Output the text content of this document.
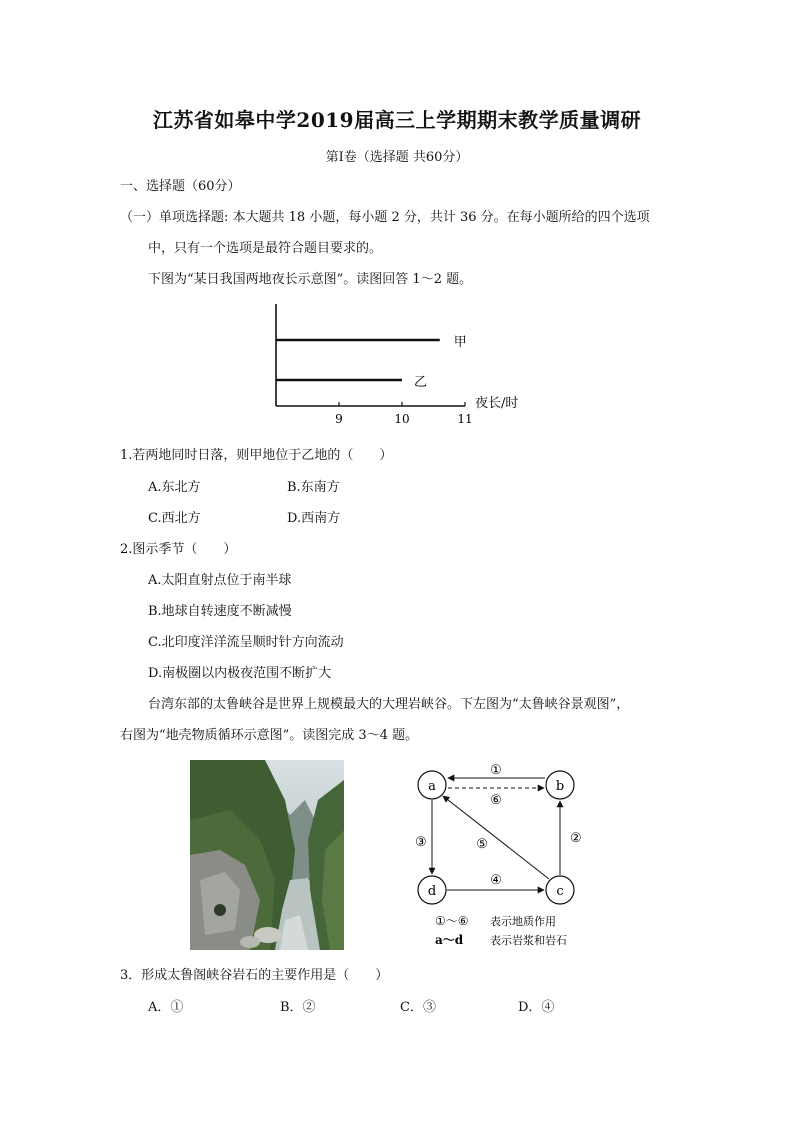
江苏省如皋中学2019届高三上学期期末教学质量调研
第I卷（选择题 共60分）
一、选择题（60分）
（一）单项选择题: 本大题共 18 小题，每小题 2 分，共计 36 分。在每小题所给的四个选项
中，只有一个选项是最符合题目要求的。
下图为“某日我国两地夜长示意图”。读图回答 1～2 题。
夜长/时
甲
乙
9	10	11
1.若两地同时日落，则甲地位于乙地的（　　）
A.东北方	B.东南方
C.西北方	D.西南方
2.图示季节（　　）
A.太阳直射点位于南半球
B.地球自转速度不断减慢
C.北印度洋洋流呈顺时针方向流动
D.南极圈以内极夜范围不断扩大
台湾东部的太鲁峡谷是世界上规模最大的大理岩峡谷。下左图为“太鲁峡谷景观图”，
右图为“地壳物质循环示意图”。读图完成 3～4 题。
a	b
c
d
①
⑥
②
③	⑤
④
①～⑥ 表示地质作用
a～d 表示岩浆和岩石
3．形成太鲁阁峡谷岩石的主要作用是（　　）
A．①	B．②	C．③	D．④
